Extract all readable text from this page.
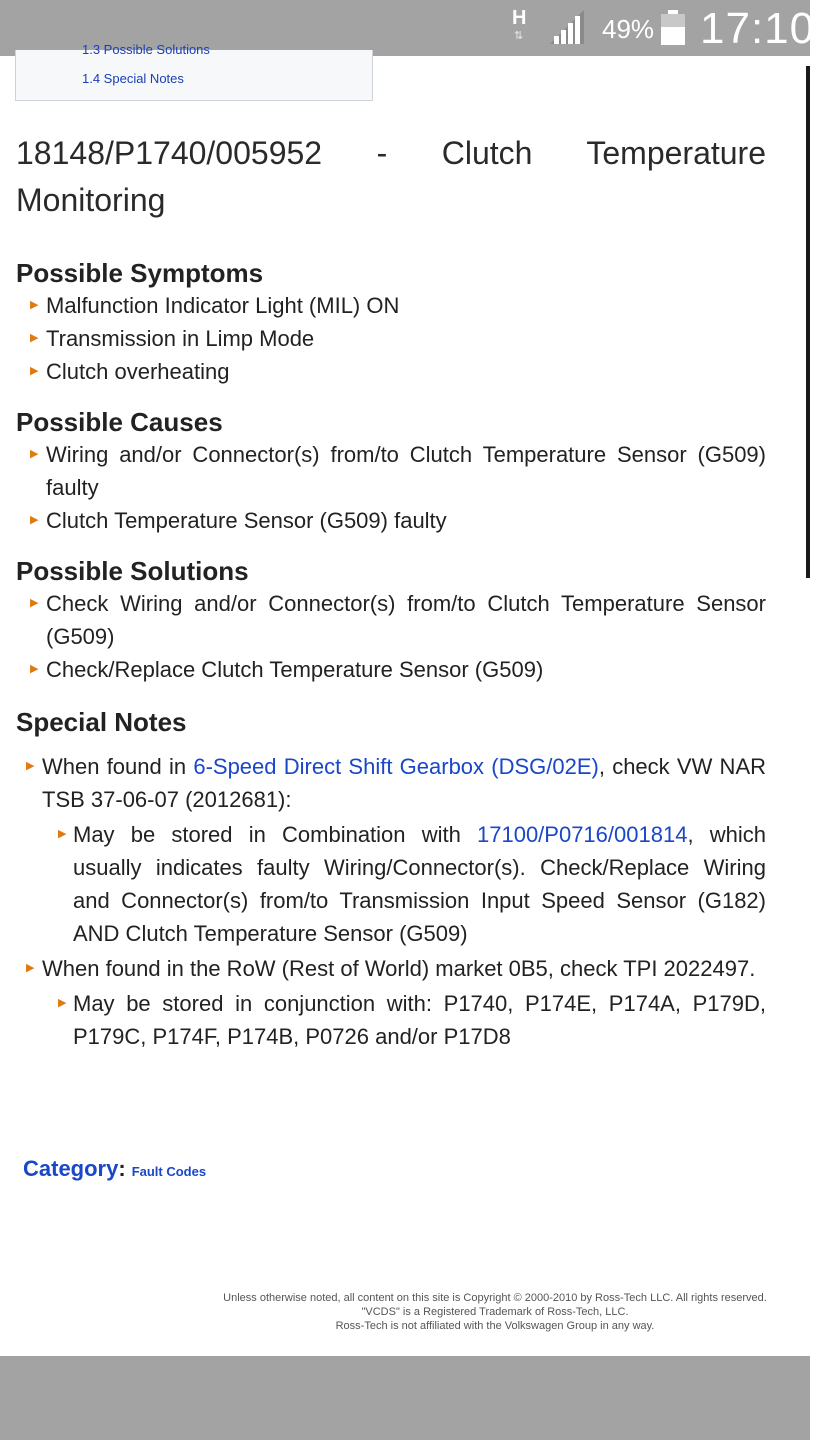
H
⇅	49% 17:10
1.3 Possible Solutions
1.4 Special Notes
18148/P1740/005952 - Clutch Temperature Monitoring
Possible Symptoms
▶ Malfunction Indicator Light (MIL) ON
▶ Transmission in Limp Mode
▶ Clutch overheating
Possible Causes
▶ Wiring and/or Connector(s) from/to Clutch Temperature Sensor (G509) faulty
▶ Clutch Temperature Sensor (G509) faulty
Possible Solutions
▶ Check Wiring and/or Connector(s) from/to Clutch Temperature Sensor (G509)
▶ Check/Replace Clutch Temperature Sensor (G509)
Special Notes
▶ When found in 6-Speed Direct Shift Gearbox (DSG/02E), check VW NAR TSB 37-06-07 (2012681):
▶ May be stored in Combination with 17100/P0716/001814, which usually indicates faulty Wiring/Connector(s). Check/Replace Wiring and Connector(s) from/to Transmission Input Speed Sensor (G182) AND Clutch Temperature Sensor (G509)
▶ When found in the RoW (Rest of World) market 0B5, check TPI 2022497.
▶ May be stored in conjunction with: P1740, P174E, P174A, P179D, P179C, P174F, P174B, P0726 and/or P17D8
Category: Fault Codes
Unless otherwise noted, all content on this site is Copyright © 2000-2010 by Ross-Tech LLC. All rights reserved.
"VCDS" is a Registered Trademark of Ross-Tech, LLC.
Ross-Tech is not affiliated with the Volkswagen Group in any way.
